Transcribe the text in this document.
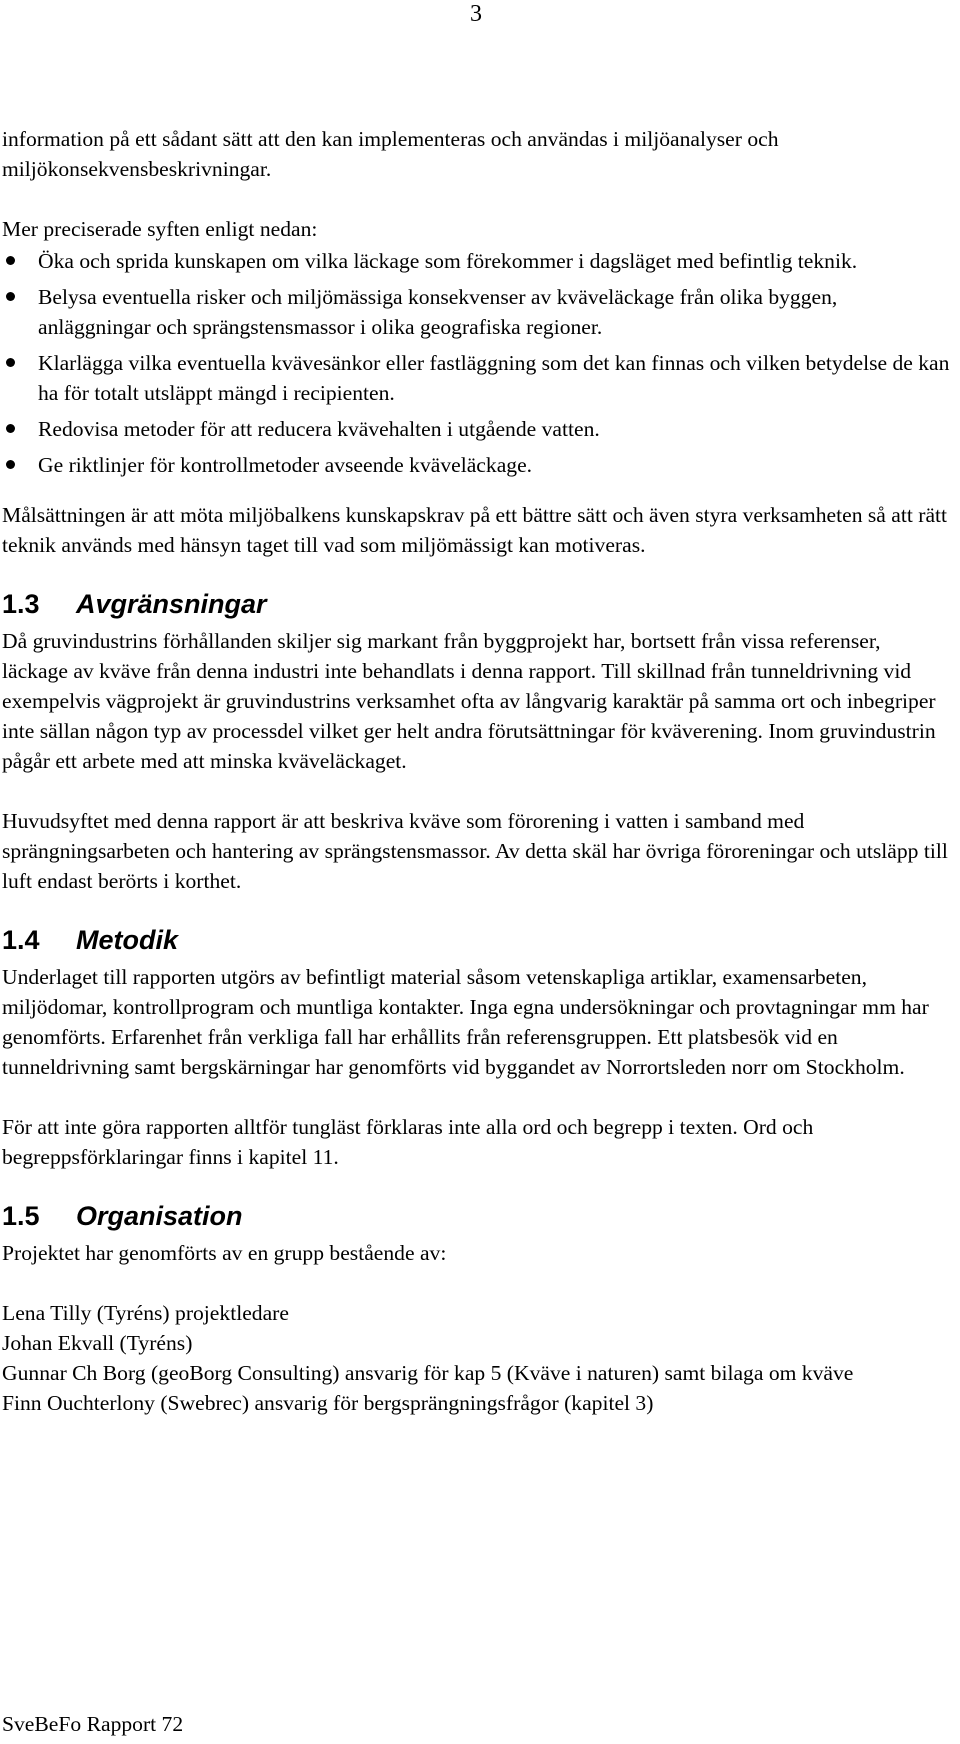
3

information på ett sådant sätt att den kan implementeras och användas i miljöanalyser och miljökonsekvensbeskrivningar.

Mer preciserade syften enligt nedan:

Öka och sprida kunskapen om vilka läckage som förekommer i dagsläget med befintlig teknik.
Belysa eventuella risker och miljömässiga konsekvenser av kväveläckage från olika byggen, anläggningar och sprängstensmassor i olika geografiska regioner.
Klarlägga vilka eventuella kvävesänkor eller fastläggning som det kan finnas och vilken betydelse de kan ha för totalt utsläppt mängd i recipienten.
Redovisa metoder för att reducera kvävehalten i utgående vatten.
Ge riktlinjer för kontrollmetoder avseende kväveläckage.

Målsättningen är att möta miljöbalkens kunskapskrav på ett bättre sätt och även styra verksamheten så att rätt teknik används med hänsyn taget till vad som miljömässigt kan motiveras.

1.3	Avgränsningar

Då gruvindustrins förhållanden skiljer sig markant från byggprojekt har, bortsett från vissa referenser, läckage av kväve från denna industri inte behandlats i denna rapport. Till skillnad från tunneldrivning vid exempelvis vägprojekt är gruvindustrins verksamhet ofta av långvarig karaktär på samma ort och inbegriper inte sällan någon typ av processdel vilket ger helt andra förutsättningar för kväverening. Inom gruvindustrin pågår ett arbete med att minska kväveläckaget.

Huvudsyftet med denna rapport är att beskriva kväve som förorening i vatten i samband med sprängningsarbeten och hantering av sprängstensmassor. Av detta skäl har övriga föroreningar och utsläpp till luft endast berörts i korthet.

1.4	Metodik

Underlaget till rapporten utgörs av befintligt material såsom vetenskapliga artiklar, examensarbeten, miljödomar, kontrollprogram och muntliga kontakter. Inga egna undersökningar och provtagningar mm har genomförts. Erfarenhet från verkliga fall har erhållits från referensgruppen. Ett platsbesök vid en tunneldrivning samt bergskärningar har genomförts vid byggandet av Norrortsleden norr om Stockholm.

För att inte göra rapporten alltför tungläst förklaras inte alla ord och begrepp i texten. Ord och begreppsförklaringar finns i kapitel 11.

1.5	Organisation

Projektet har genomförts av en grupp bestående av:

Lena Tilly (Tyréns) projektledare

Johan Ekvall (Tyréns)

Gunnar Ch Borg (geoBorg Consulting) ansvarig för kap 5 (Kväve i naturen) samt bilaga om kväve

Finn Ouchterlony (Swebrec) ansvarig för bergsprängningsfrågor (kapitel 3)

SveBeFo Rapport 72
